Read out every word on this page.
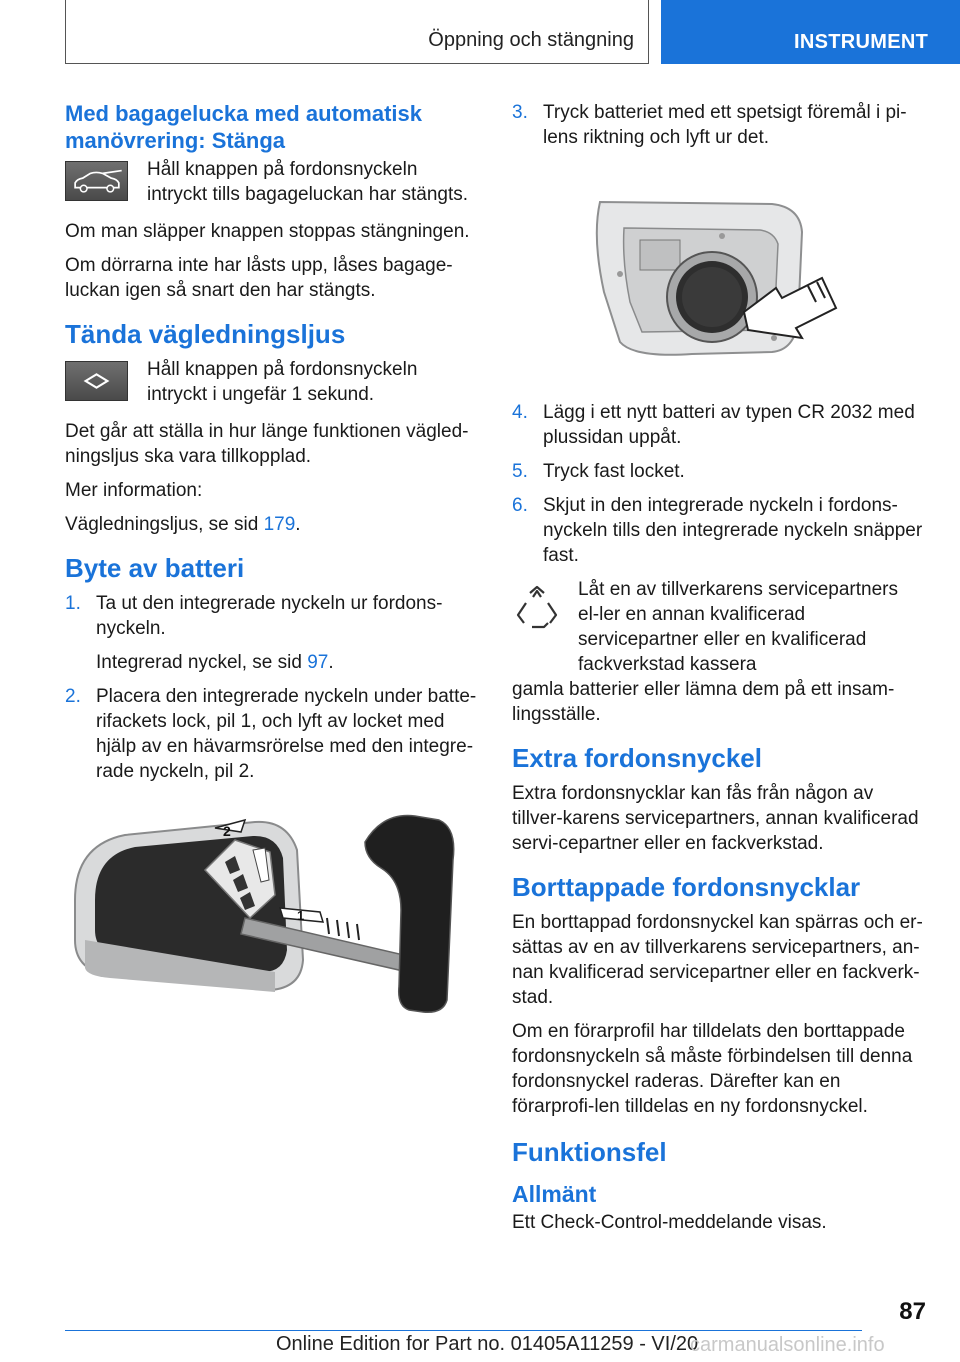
Öppning och stängning	INSTRUMENT
Med bagagelucka med automatisk manövrering: Stänga
Håll knappen på fordonsnyckeln intryckt tills bagageluckan har stängts.

Om man släpper knappen stoppas stängningen.

Om dörrarna inte har låsts upp, låses bagage-luckan igen så snart den har stängts.

Tända vägledningsljus
Håll knappen på fordonsnyckeln intryckt i ungefär 1 sekund.

Det går att ställa in hur länge funktionen vägled-ningsljus ska vara tillkopplad.

Mer information:

Vägledningsljus, se sid 179.

Byte av batteri
1. Ta ut den integrerade nyckeln ur fordons-nyckeln.

Integrerad nyckel, se sid 97.

2. Placera den integrerade nyckeln under batte-rifackets lock, pil 1, och lyft av locket med hjälp av en hävarmsrörelse med den integre-rade nyckeln, pil 2.

2
1
3. Tryck batteriet med ett spetsigt föremål i pi-lens riktning och lyft ur det.

4. Lägg i ett nytt batteri av typen CR 2032 med plussidan uppåt.

5. Tryck fast locket.

6. Skjut in den integrerade nyckeln i fordons-nyckeln tills den integrerade nyckeln snäpper fast.

Låt en av tillverkarens servicepartners el-ler en annan kvalificerad servicepartner eller en kvalificerad fackverkstad kassera

gamla batterier eller lämna dem på ett insam-lingsställe.

Extra fordonsnyckel

Extra fordonsnycklar kan fås från någon av tillver-karens servicepartners, annan kvalificerad servi-cepartner eller en fackverkstad.

Borttappade fordonsnycklar

En borttappad fordonsnyckel kan spärras och er-sättas av en av tillverkarens servicepartners, an-nan kvalificerad servicepartner eller en fackverk-stad.

Om en förarprofil har tilldelats den borttappade fordonsnyckeln så måste förbindelsen till denna fordonsnyckel raderas. Därefter kan en förarprofi-len tilldelas en ny fordonsnyckel.

Funktionsfel
Allmänt

Ett Check-Control-meddelande visas.

87
Online Edition for Part no. 01405A11259 - VI/20
carmanualsonline.info
